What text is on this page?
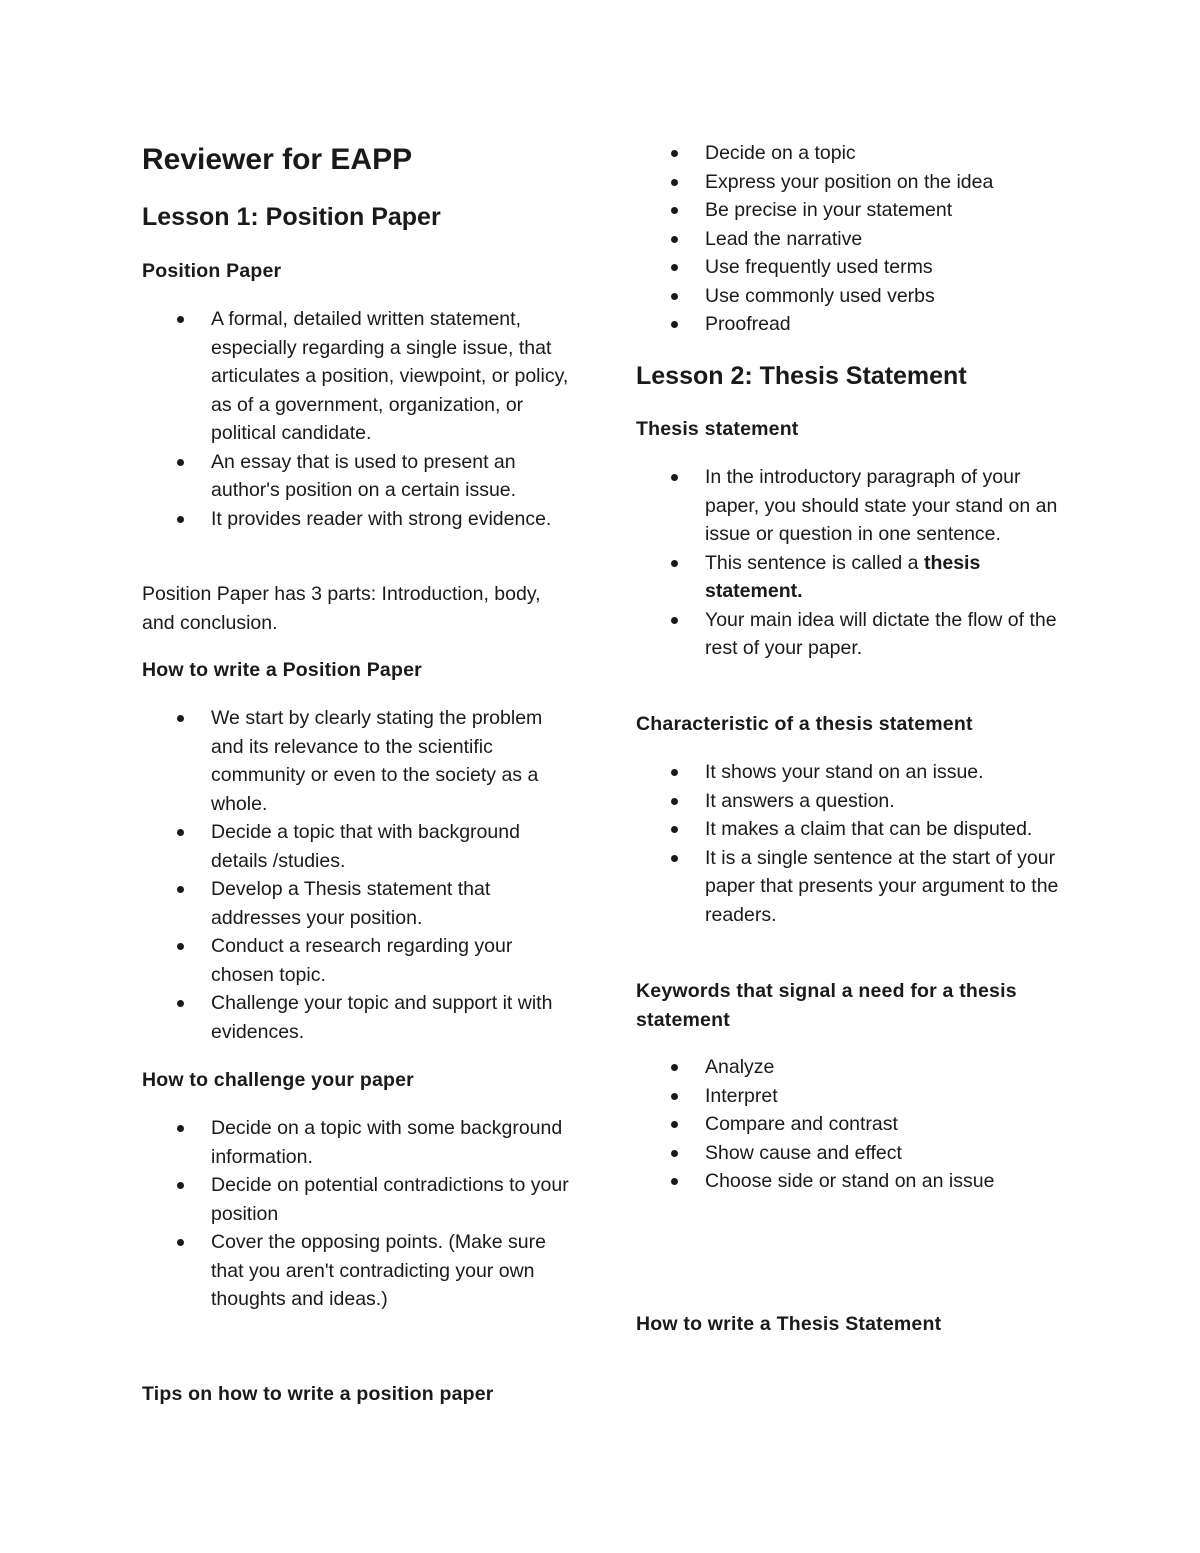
Reviewer for EAPP
Lesson 1: Position Paper
Position Paper
A formal, detailed written statement, especially regarding a single issue, that articulates a position, viewpoint, or policy, as of a government, organization, or political candidate.
An essay that is used to present an author's position on a certain issue.
It provides reader with strong evidence.

Position Paper has 3 parts: Introduction, body, and conclusion.

How to write a Position Paper
We start by clearly stating the problem and its relevance to the scientific community or even to the society as a whole.
Decide a topic that with background details /studies.
Develop a Thesis statement that addresses your position.
Conduct a research regarding your chosen topic.
Challenge your topic and support it with evidences.
How to challenge your paper
Decide on a topic with some background information.
Decide on potential contradictions to your position
Cover the opposing points. (Make sure that you aren't contradicting your own thoughts and ideas.)
Tips on how to write a position paper
Decide on a topic
Express your position on the idea
Be precise in your statement
Lead the narrative
Use frequently used terms
Use commonly used verbs
Proofread
Lesson 2: Thesis Statement
Thesis statement
In the introductory paragraph of your paper, you should state your stand on an issue or question in one sentence.
This sentence is called a thesis statement.
Your main idea will dictate the flow of the rest of your paper.
Characteristic of a thesis statement
It shows your stand on an issue.
It answers a question.
It makes a claim that can be disputed.
It is a single sentence at the start of your paper that presents your argument to the readers.
Keywords that signal a need for a thesis statement
Analyze
Interpret
Compare and contrast
Show cause and effect
Choose side or stand on an issue
How to write a Thesis Statement
